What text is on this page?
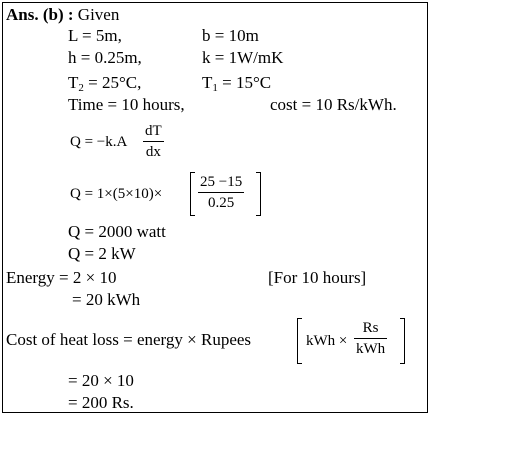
Ans. (b) : Given
L = 5m,	b = 10m
h = 0.25m,	k = 1W/mK
$T_2 = 25^\circ C$,	$T_1 = 15^\circ C$
Time = 10 hours,	cost = 10 Rs/kWh.
$Q = -k.A \frac{dT}{dx}$
$Q = 1\times(5\times 10)\times \frac{25 -15}{0.25}$
Q = 2000 watt
Q = 2 kW
Energy = 2 × 10	[For 10 hours]
= 20 kWh
Cost of heat loss = energy × Rupees	kWh ×
Rs
kWh
= 20 × 10
= 200 Rs.
